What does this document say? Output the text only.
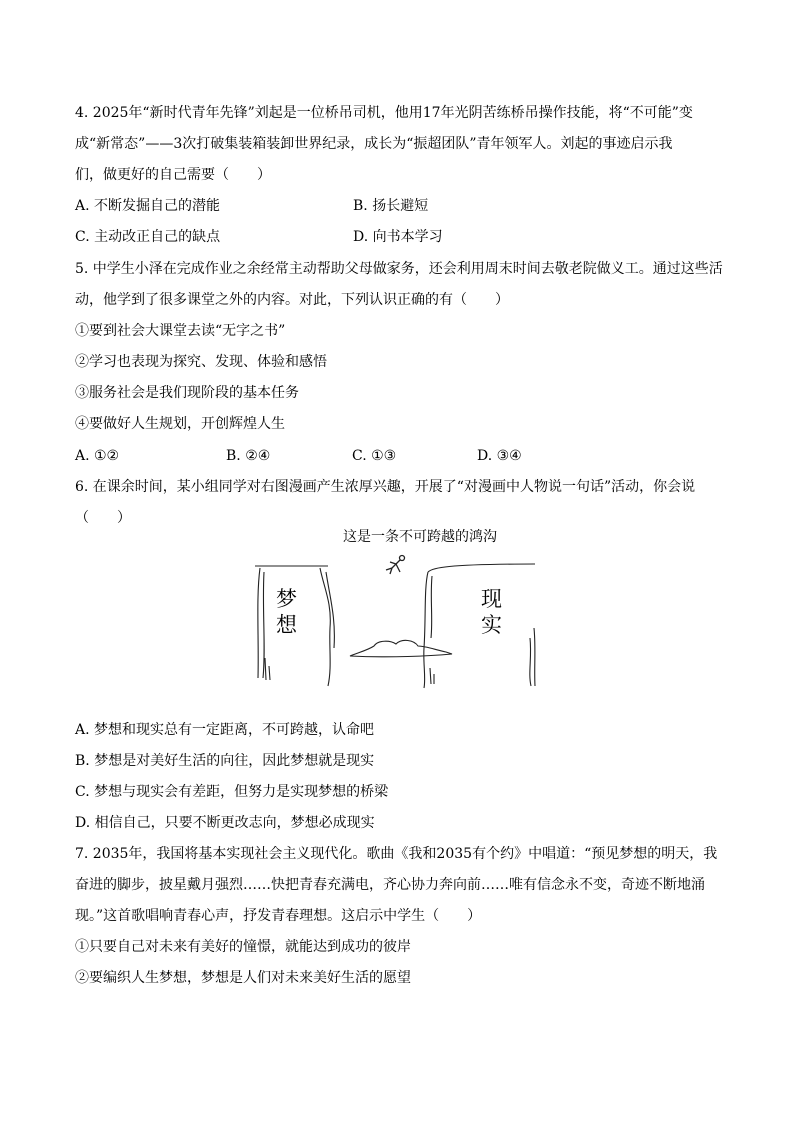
4. 2025年“新时代青年先锋”刘起是一位桥吊司机，他用17年光阴苦练桥吊操作技能，将“不可能”变
成“新常态”——3次打破集装箱装卸世界纪录，成长为“振超团队”青年领军人。刘起的事迹启示我
们，做更好的自己需要（　　）
A. 不断发掘自己的潜能	B. 扬长避短
C. 主动改正自己的缺点	D. 向书本学习
5. 中学生小泽在完成作业之余经常主动帮助父母做家务，还会利用周末时间去敬老院做义工。通过这些活
动，他学到了很多课堂之外的内容。对此，下列认识正确的有（　　）
①要到社会大课堂去读“无字之书”
②学习也表现为探究、发现、体验和感悟
③服务社会是我们现阶段的基本任务
④要做好人生规划，开创辉煌人生
A. ①②	B. ②④	C. ①③	D. ③④
6. 在课余时间，某小组同学对右图漫画产生浓厚兴趣，开展了“对漫画中人物说一句话”活动，你会说
（　　）
这是一条不可跨越的鸿沟
梦
想
现
实
A. 梦想和现实总有一定距离，不可跨越，认命吧
B. 梦想是对美好生活的向往，因此梦想就是现实
C. 梦想与现实会有差距，但努力是实现梦想的桥梁
D. 相信自己，只要不断更改志向，梦想必成现实
7. 2035年，我国将基本实现社会主义现代化。歌曲《我和2035有个约》中唱道：“预见梦想的明天，我
奋进的脚步，披星戴月强烈……快把青春充满电，齐心协力奔向前……唯有信念永不变，奇迹不断地涌
现。”这首歌唱响青春心声，抒发青春理想。这启示中学生（　　）
①只要自己对未来有美好的憧憬，就能达到成功的彼岸
②要编织人生梦想，梦想是人们对未来美好生活的愿望
